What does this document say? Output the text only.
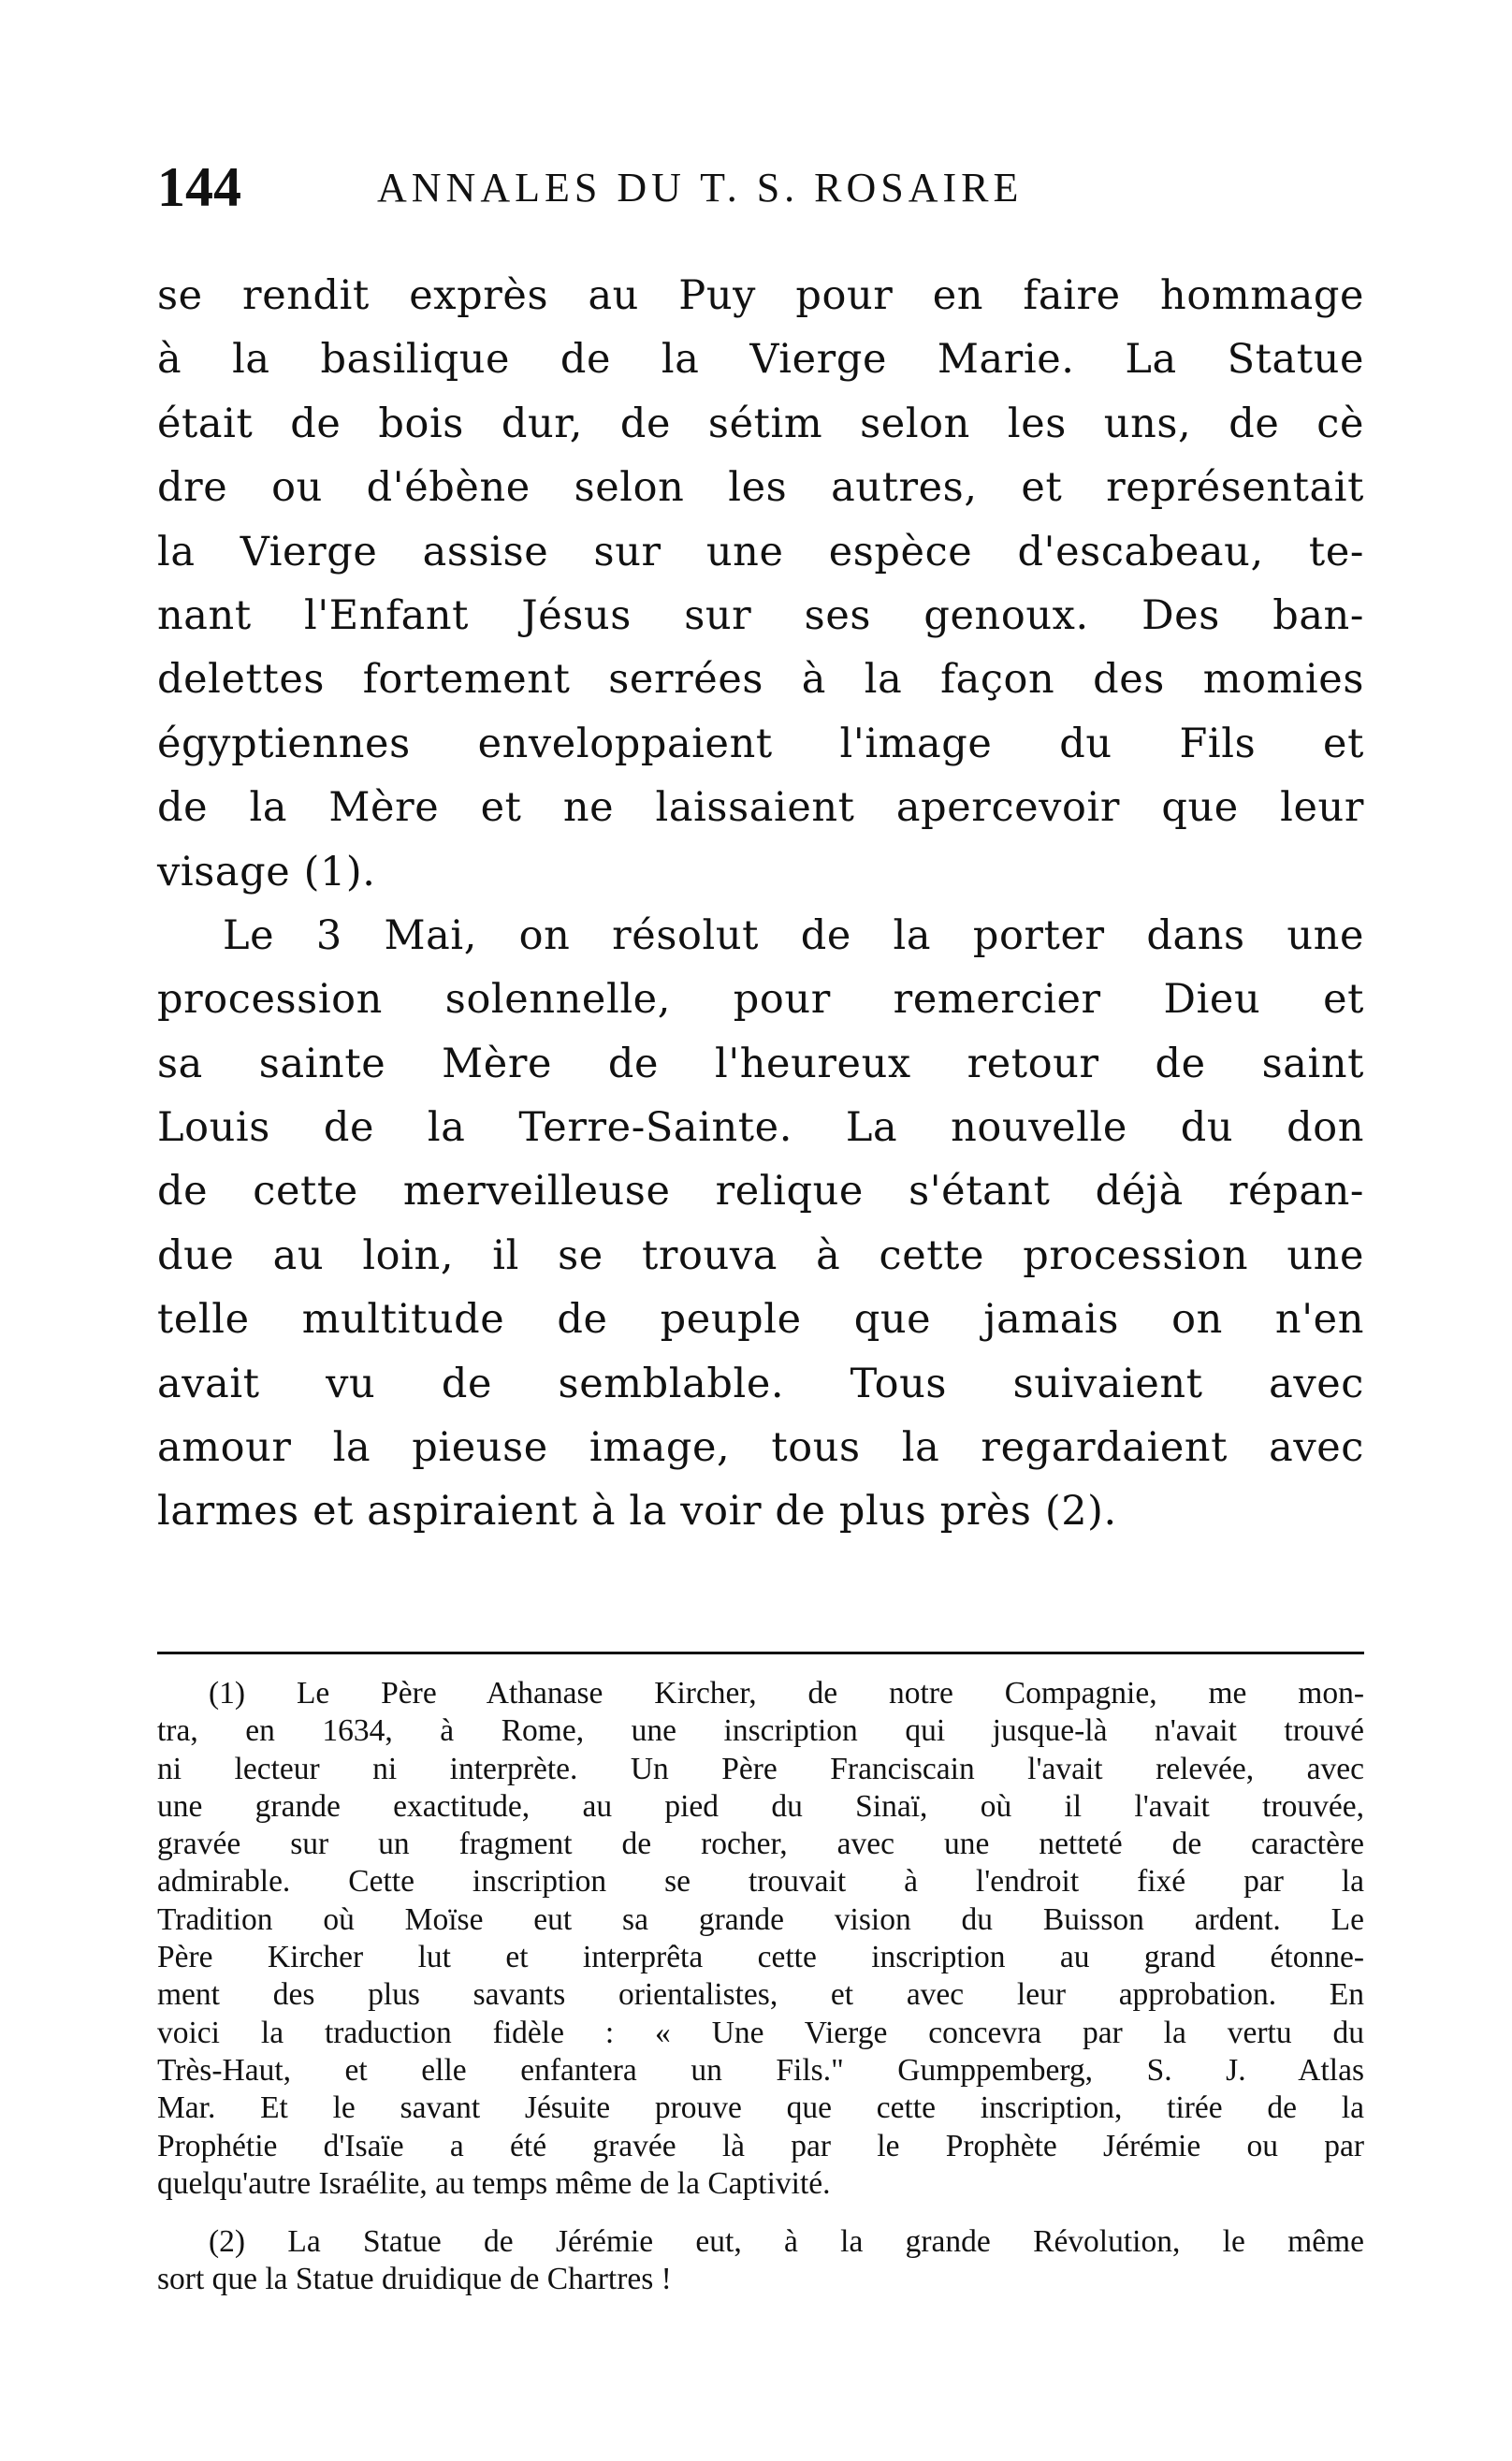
144	ANNALES DU T. S. ROSAIRE
se rendit exprès au Puy pour en faire hommage
à la basilique de la Vierge Marie. La Statue
était de bois dur, de sétim selon les uns, de cè
dre ou d'ébène selon les autres, et représentait
la Vierge assise sur une espèce d'escabeau, te-
nant l'Enfant Jésus sur ses genoux. Des ban-
delettes fortement serrées à la façon des momies
égyptiennes enveloppaient l'image du Fils et
de la Mère et ne laissaient apercevoir que leur
visage (1).
Le 3 Mai, on résolut de la porter dans une
procession solennelle, pour remercier Dieu et
sa sainte Mère de l'heureux retour de saint
Louis de la Terre-Sainte. La nouvelle du don
de cette merveilleuse relique s'étant déjà répan-
due au loin, il se trouva à cette procession une
telle multitude de peuple que jamais on n'en
avait vu de semblable. Tous suivaient avec
amour la pieuse image, tous la regardaient avec
larmes et aspiraient à la voir de plus près (2).
(1) Le Père Athanase Kircher, de notre Compagnie, me mon-
tra, en 1634, à Rome, une inscription qui jusque-là n'avait trouvé
ni lecteur ni interprète. Un Père Franciscain l'avait relevée, avec
une grande exactitude, au pied du Sinaï, où il l'avait trouvée,
gravée sur un fragment de rocher, avec une netteté de caractère
admirable. Cette inscription se trouvait à l'endroit fixé par la
Tradition où Moïse eut sa grande vision du Buisson ardent. Le
Père Kircher lut et interprêta cette inscription au grand étonne-
ment des plus savants orientalistes, et avec leur approbation. En
voici la traduction fidèle : « Une Vierge concevra par la vertu du
Très-Haut, et elle enfantera un Fils." Gumppemberg, S. J. Atlas
Mar. Et le savant Jésuite prouve que cette inscription, tirée de la
Prophétie d'Isaïe a été gravée là par le Prophète Jérémie ou par
quelqu'autre Israélite, au temps même de la Captivité.
(2) La Statue de Jérémie eut, à la grande Révolution, le même
sort que la Statue druidique de Chartres !
